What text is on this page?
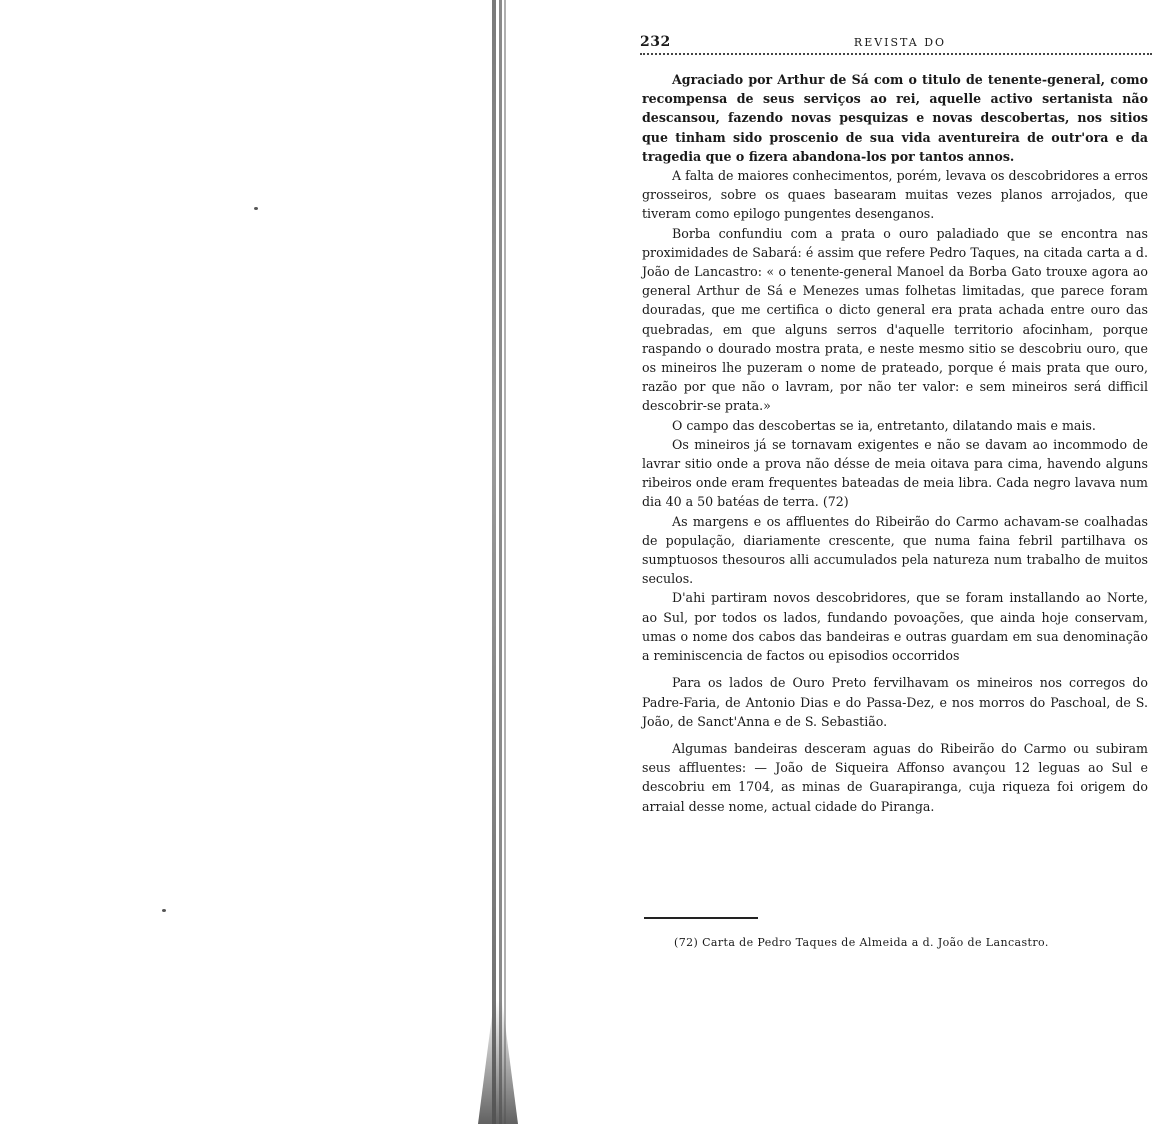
232	REVISTA DO

Agraciado por Arthur de Sá com o titulo de tenente-general, como recompensa de seus serviços ao rei, aquelle activo sertanista não descansou, fazendo novas pesquizas e novas descobertas, nos sitios que tinham sido proscenio de sua vida aventureira de outr'ora e da tragedia que o fizera abandona-los por tantos annos.

A falta de maiores conhecimentos, porém, levava os descobridores a erros grosseiros, sobre os quaes basearam muitas vezes planos arrojados, que tiveram como epilogo pungentes desenganos.

Borba confundiu com a prata o ouro paladiado que se encontra nas proximidades de Sabará: é assim que refere Pedro Taques, na citada carta a d. João de Lancastro: « o tenente-general Manoel da Borba Gato trouxe agora ao general Arthur de Sá e Menezes umas folhetas limitadas, que parece foram douradas, que me certifica o dicto general era prata achada entre ouro das quebradas, em que alguns serros d'aquelle territorio afocinham, porque raspando o dourado mostra prata, e neste mesmo sitio se descobriu ouro, que os mineiros lhe puzeram o nome de prateado, porque é mais prata que ouro, razão por que não o lavram, por não ter valor: e sem mineiros será difficil descobrir-se prata.»

O campo das descobertas se ia, entretanto, dilatando mais e mais.

Os mineiros já se tornavam exigentes e não se davam ao incommodo de lavrar sitio onde a prova não désse de meia oitava para cima, havendo alguns ribeiros onde eram frequentes bateadas de meia libra. Cada negro lavava num dia 40 a 50 batéas de terra. (72)

As margens e os affluentes do Ribeirão do Carmo achavam-se coalhadas de população, diariamente crescente, que numa faina febril partilhava os sumptuosos thesouros alli accumulados pela natureza num trabalho de muitos seculos.

D'ahi partiram novos descobridores, que se foram installando ao Norte, ao Sul, por todos os lados, fundando povoações, que ainda hoje conservam, umas o nome dos cabos das bandeiras e outras guardam em sua denominação a reminiscencia de factos ou episodios occorridos

Para os lados de Ouro Preto fervilhavam os mineiros nos corregos do Padre-Faria, de Antonio Dias e do Passa-Dez, e nos morros do Paschoal, de S. João, de Sanct'Anna e de S. Sebastião.

Algumas bandeiras desceram aguas do Ribeirão do Carmo ou subiram seus affluentes: — João de Siqueira Affonso avançou 12 leguas ao Sul e descobriu em 1704, as minas de Guarapiranga, cuja riqueza foi origem do arraial desse nome, actual cidade do Piranga.

(72) Carta de Pedro Taques de Almeida a d. João de Lancastro.
